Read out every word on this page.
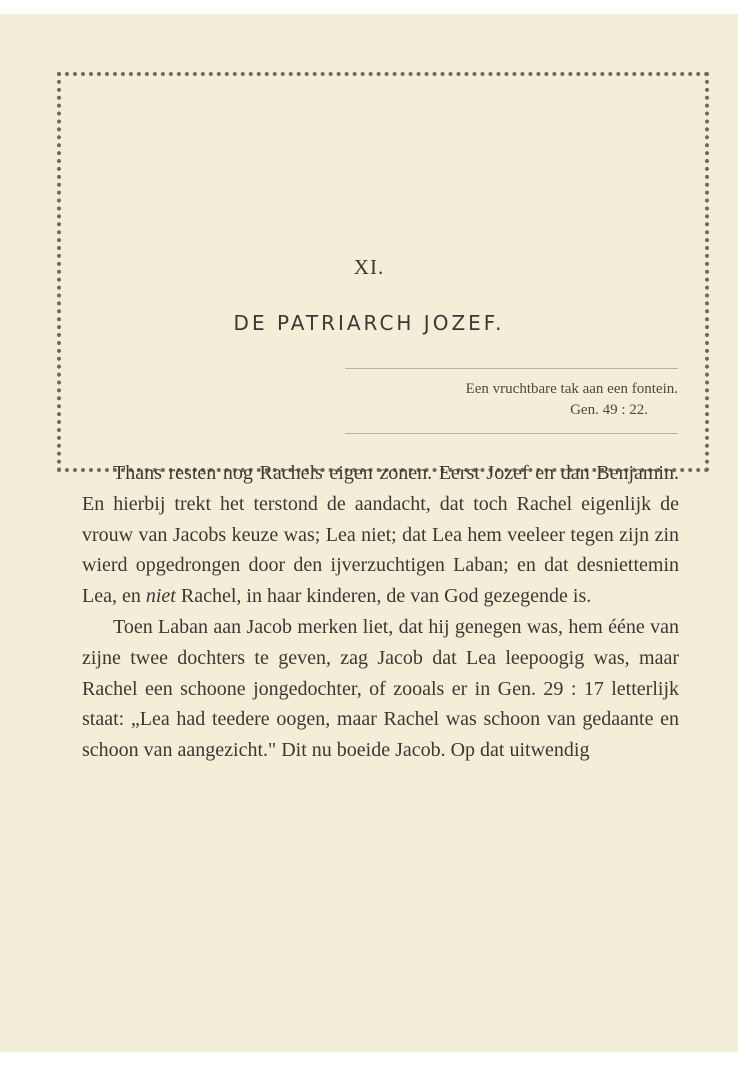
XI.
DE PATRIARCH JOZEF.
Een vruchtbare tak aan een fontein.
Gen. 49 : 22.

Thans resten nog Rachels eigen zonen. Eerst Jozef en dan Benjamin. En hierbij trekt het terstond de aandacht, dat toch Rachel eigenlijk de vrouw van Jacobs keuze was; Lea niet; dat Lea hem veeleer tegen zijn zin wierd opgedrongen door den ijverzuchtigen Laban; en dat desniettemin Lea, en niet Rachel, in haar kinderen, de van God gezegende is.

Toen Laban aan Jacob merken liet, dat hij genegen was, hem ééne van zijne twee dochters te geven, zag Jacob dat Lea leepoogig was, maar Rachel een schoone jongedochter, of zooals er in Gen. 29 : 17 letterlijk staat: „Lea had teedere oogen, maar Rachel was schoon van gedaante en schoon van aangezicht." Dit nu boeide Jacob. Op dat uitwendig
